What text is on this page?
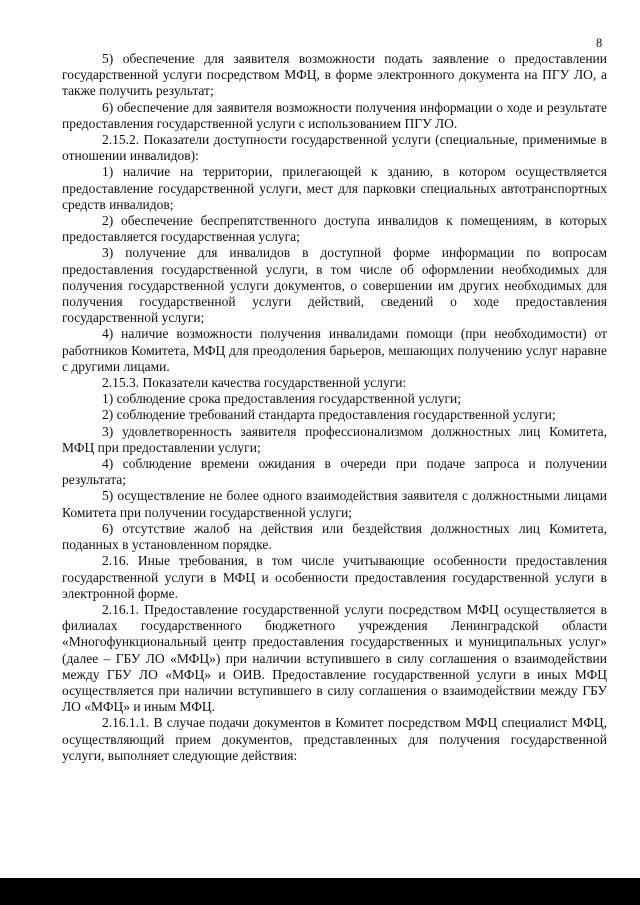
8

5) обеспечение для заявителя возможности подать заявление о предоставлении государственной услуги посредством МФЦ, в форме электронного документа на ПГУ ЛО, а также получить результат;

6) обеспечение для заявителя возможности получения информации о ходе и результате предоставления государственной услуги с использованием ПГУ ЛО.

2.15.2. Показатели доступности государственной услуги (специальные, применимые в отношении инвалидов):

1) наличие на территории, прилегающей к зданию, в котором осуществляется предоставление государственной услуги, мест для парковки специальных автотранспортных средств инвалидов;

2) обеспечение беспрепятственного доступа инвалидов к помещениям, в которых предоставляется государственная услуга;

3) получение для инвалидов в доступной форме информации по вопросам предоставления государственной услуги, в том числе об оформлении необходимых для получения государственной услуги документов, о совершении им других необходимых для получения государственной услуги действий, сведений о ходе предоставления государственной услуги;

4) наличие возможности получения инвалидами помощи (при необходимости) от работников Комитета, МФЦ для преодоления барьеров, мешающих получению услуг наравне с другими лицами.

2.15.3. Показатели качества государственной услуги:

1) соблюдение срока предоставления государственной услуги;

2) соблюдение требований стандарта предоставления государственной услуги;

3) удовлетворенность заявителя профессионализмом должностных лиц Комитета, МФЦ при предоставлении услуги;

4) соблюдение времени ожидания в очереди при подаче запроса и получении результата;

5) осуществление не более одного взаимодействия заявителя с должностными лицами Комитета при получении государственной услуги;

6) отсутствие жалоб на действия или бездействия должностных лиц Комитета, поданных в установленном порядке.

2.16. Иные требования, в том числе учитывающие особенности предоставления государственной услуги в МФЦ и особенности предоставления государственной услуги в электронной форме.

2.16.1. Предоставление государственной услуги посредством МФЦ осуществляется в филиалах государственного бюджетного учреждения Ленинградской области «Многофункциональный центр предоставления государственных и муниципальных услуг» (далее – ГБУ ЛО «МФЦ») при наличии вступившего в силу соглашения о взаимодействии между ГБУ ЛО «МФЦ» и ОИВ. Предоставление государственной услуги в иных МФЦ осуществляется при наличии вступившего в силу соглашения о взаимодействии между ГБУ ЛО «МФЦ» и иным МФЦ.

2.16.1.1. В случае подачи документов в Комитет посредством МФЦ специалист МФЦ, осуществляющий прием документов, представленных для получения государственной услуги, выполняет следующие действия:
